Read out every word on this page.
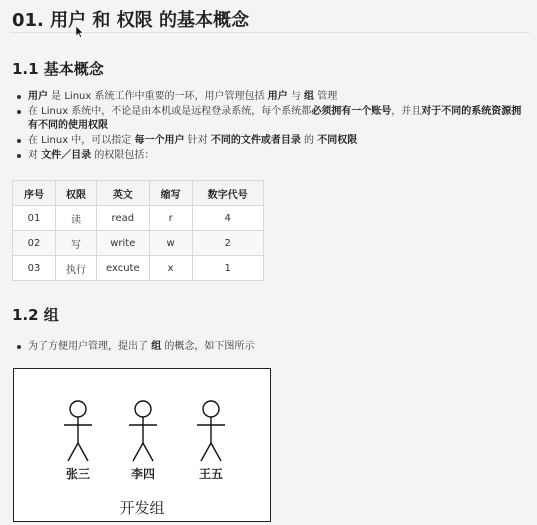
01. 用户 和 权限 的基本概念
1.1 基本概念
用户 是 Linux 系统工作中重要的一环，用户管理包括 用户 与 组 管理
在 Linux 系统中，不论是由本机或是远程登录系统，每个系统都必须拥有一个账号，并且对于不同的系统资源拥有不同的使用权限
在 Linux 中，可以指定 每一个用户 针对 不同的文件或者目录 的 不同权限
对 文件／目录 的权限包括：
序号	权限	英文	缩写	数字代号
01	读	read	r	4
02	写	write	w	2
03	执行	excute	x	1
1.2 组
为了方便用户管理，提出了 组 的概念，如下图所示
张三	李四	王五
开发组
